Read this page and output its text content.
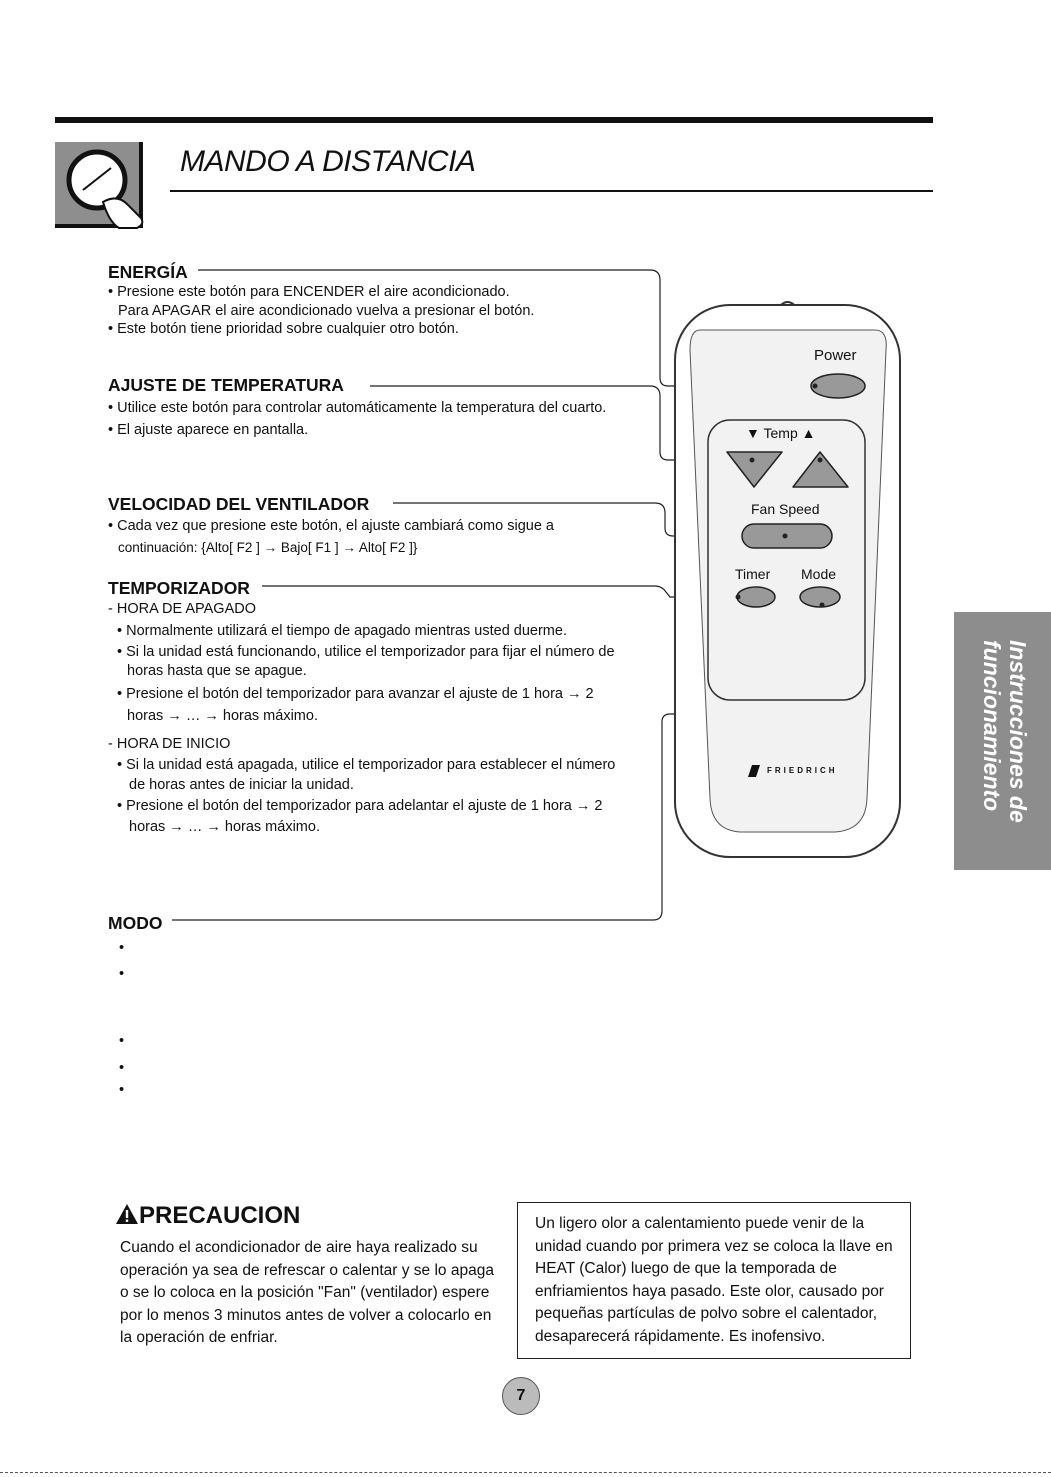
MANDO A DISTANCIA
ENERGÍA
• Presione este botón para ENCENDER el aire acondicionado.
Para APAGAR el aire acondicionado vuelva a presionar el botón.
• Este botón tiene prioridad sobre cualquier otro botón.
AJUSTE DE TEMPERATURA
• Utilice este botón para controlar automáticamente la temperatura del cuarto.
• El ajuste aparece en pantalla.
VELOCIDAD DEL VENTILADOR
• Cada vez que presione este botón, el ajuste cambiará como sigue a
continuación: {Alto[ F2 ] → Bajo[ F1 ] → Alto[ F2 ]}
TEMPORIZADOR
- HORA DE APAGADO
• Normalmente utilizará el tiempo de apagado mientras usted duerme.
• Si la unidad está funcionando, utilice el temporizador para fijar el número de
horas hasta que se apague.
• Presione el botón del temporizador para avanzar el ajuste de 1 hora → 2
horas → … → horas máximo.
- HORA DE INICIO
• Si la unidad está apagada, utilice el temporizador para establecer el número
de horas antes de iniciar la unidad.
• Presione el botón del temporizador para adelantar el ajuste de 1 hora → 2
horas → … → horas máximo.
MODO
•
•
•
•
•
Power
▼ Temp ▲
Fan Speed
Timer Mode
FRIEDRICH	Instrucciones de
funcionamiento
PRECAUCION
Cuando el acondicionador de aire haya realizado su operación ya sea de refrescar o calentar y se lo apaga o se lo coloca en la posición "Fan" (ventilador) espere por lo menos 3 minutos antes de volver a colocarlo en la operación de enfriar.
Un ligero olor a calentamiento puede venir de la unidad cuando por primera vez se coloca la llave en HEAT (Calor) luego de que la temporada de enfriamientos haya pasado. Este olor, causado por pequeñas partículas de polvo sobre el calentador, desaparecerá rápidamente. Es inofensivo.
7
